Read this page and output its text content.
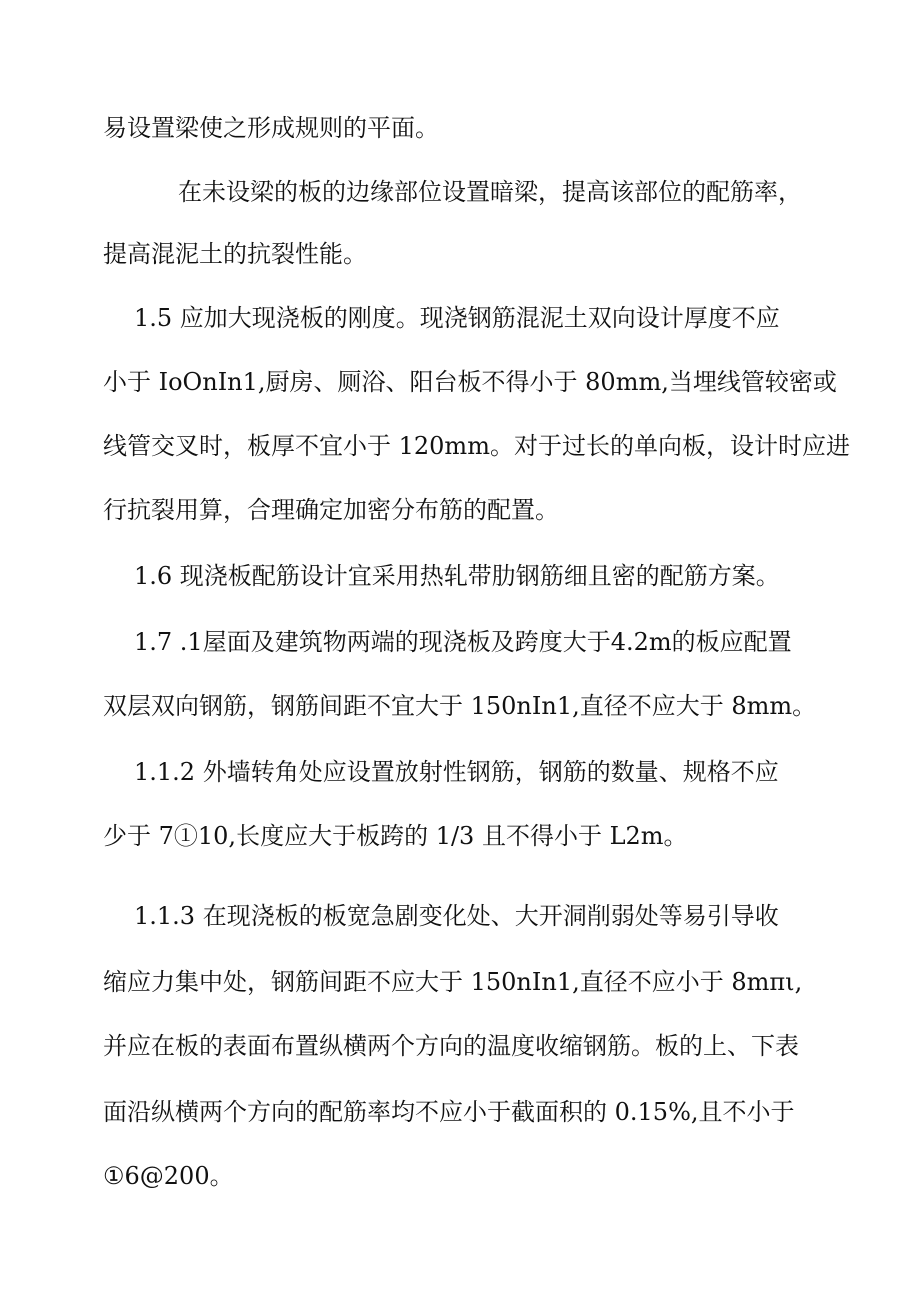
易设置梁使之形成规则的平面。
在未设梁的板的边缘部位设置暗梁，提高该部位的配筋率，
提高混泥土的抗裂性能。
1.5 应加大现浇板的刚度。现浇钢筋混泥土双向设计厚度不应
小于 IoOnIn1,厨房、厕浴、阳台板不得小于 80mm,当埋线管较密或
线管交叉时，板厚不宜小于 120mm。对于过长的单向板，设计时应进
行抗裂用算，合理确定加密分布筋的配置。
1.6 现浇板配筋设计宜采用热轧带肋钢筋细且密的配筋方案。
1.7 .1屋面及建筑物两端的现浇板及跨度大于4.2m的板应配置
双层双向钢筋，钢筋间距不宜大于 150nIn1,直径不应大于 8mm。
1.1.2 外墙转角处应设置放射性钢筋，钢筋的数量、规格不应
少于 7①10,长度应大于板跨的 1/3 且不得小于 L2m。
1.1.3 在现浇板的板宽急剧变化处、大开洞削弱处等易引导收
缩应力集中处，钢筋间距不应大于 150nIn1,直径不应小于 8mπι,
并应在板的表面布置纵横两个方向的温度收缩钢筋。板的上、下表
面沿纵横两个方向的配筋率均不应小于截面积的 0.15%,且不小于
①6@200。
